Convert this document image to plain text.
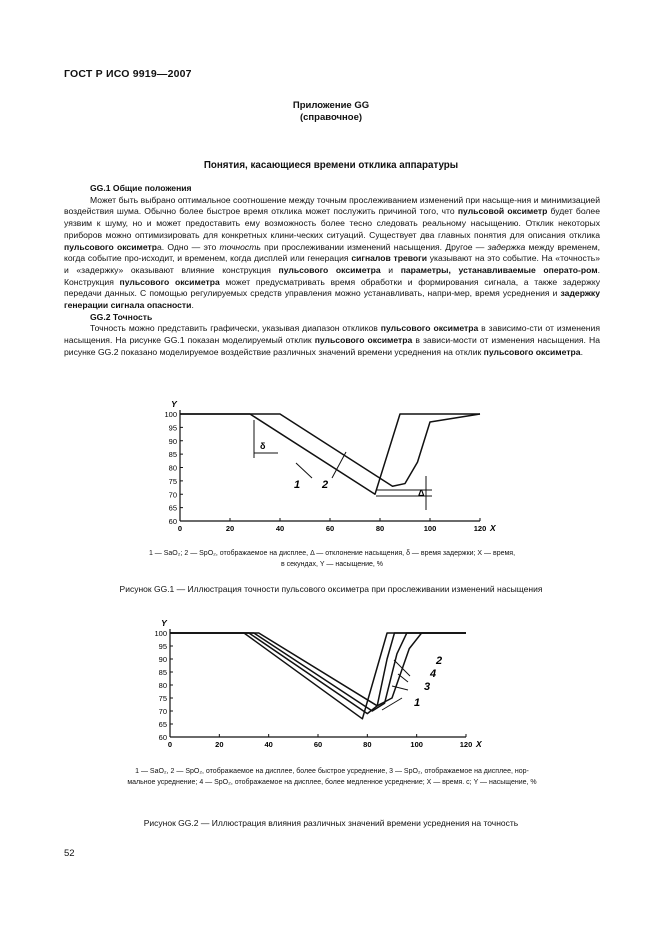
ГОСТ Р ИСО 9919—2007
Приложение GG
(справочное)
Понятия, касающиеся времени отклика аппаратуры

GG.1 Общие положения

Может быть выбрано оптимальное соотношение между точным прослеживанием изменений при насыще-ния и минимизацией воздействия шума. Обычно более быстрое время отклика может послужить причиной того, что пульсовой оксиметр будет более уязвим к шуму, но и может предоставить ему возможность более тесно следовать реальному насыщению. Отклик некоторых приборов можно оптимизировать для конкретных клини-ческих ситуаций. Существует два главных понятия для описания отклика пульсового оксиметра. Одно — это точность при прослеживании изменений насыщения. Другое — задержка между временем, когда событие про-исходит, и временем, когда дисплей или генерация сигналов тревоги указывают на это событие. На «точность» и «задержку» оказывают влияние конструкция пульсового оксиметра и параметры, устанавливаемые операто-ром. Конструкция пульсового оксиметра может предусматривать время обработки и формирования сигнала, а также задержку передачи данных. С помощью регулируемых средств управления можно устанавливать, напри-мер, время усреднения и задержку генерации сигнала опасности.

GG.2 Точность

Точность можно представить графически, указывая диапазон откликов пульсового оксиметра в зависимо-сти от изменения насыщения. На рисунке GG.1 показан моделируемый отклик пульсового оксиметра в зависи-мости от изменения насыщения. На рисунке GG.2 показано моделируемое воздействие различных значений времени усреднения на отклик пульсового оксиметра.

100
95
90
85
80
75
70
65
60
0	20	40	60	80	100	120
Y
X
δ
Δ
1 2
1 — SaO₂; 2 — SpO₂, отображаемое на дисплее, Δ — отклонение насыщения, δ — время задержки; X — время,
в секундах, Y — насыщение, %
Рисунок GG.1 — Иллюстрация точности пульсового оксиметра при прослеживании изменений насыщения
100
95
90
85
80
75
70
65
60
0	20	40	60	80	100	120
Y
X
1
2
3
4
1 — SaO₂, 2 — SpO₂, отображаемое на дисплее, более быстрое усреднение, 3 — SpO₂, отображаемое на дисплее, нор-
мальное усреднение; 4 — SpO₂, отображаемое на дисплее, более медленное усреднение; X — время. с; Y — насыщение, %
Рисунок GG.2 — Иллюстрация влияния различных значений времени усреднения на точность
52
